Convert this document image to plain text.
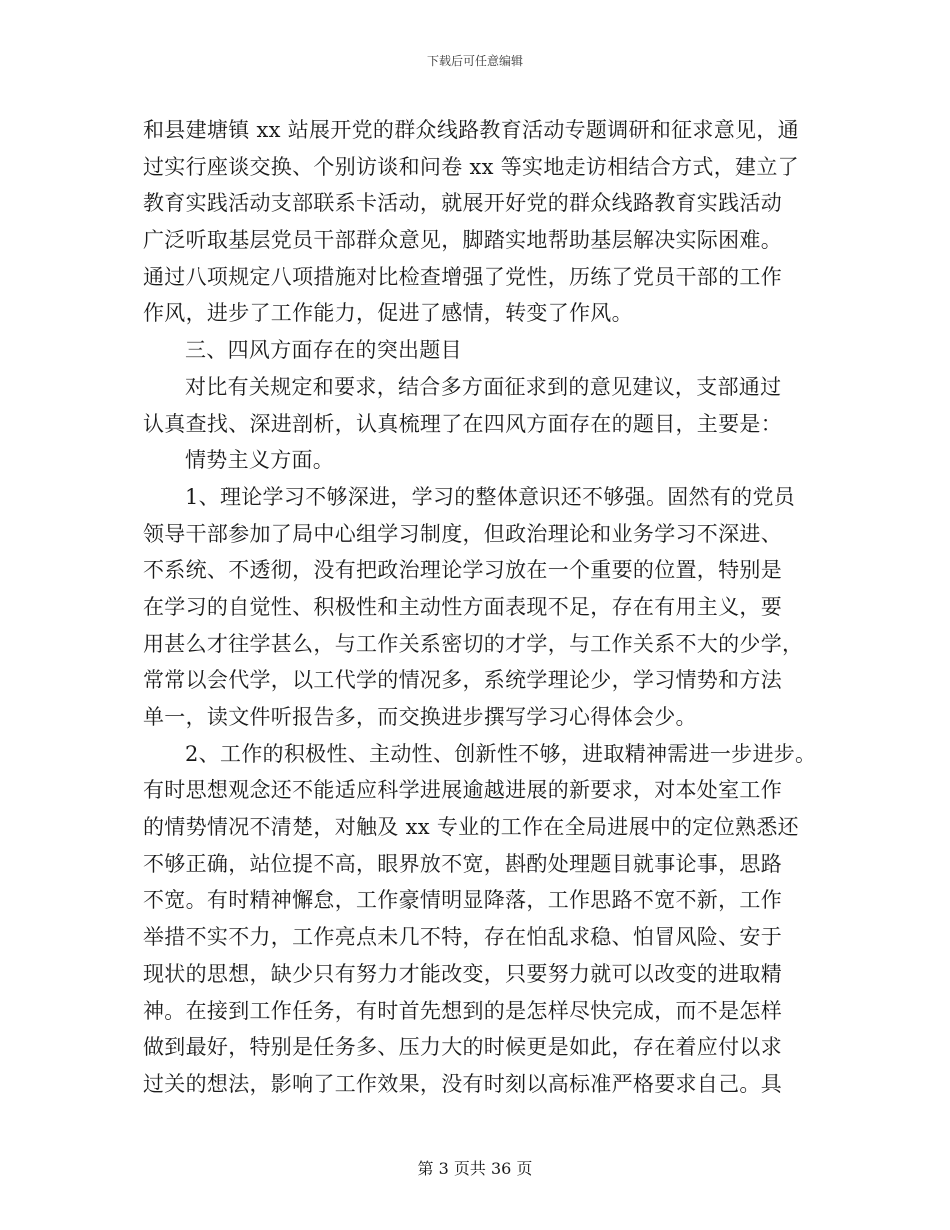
下载后可任意编辑
和县建塘镇 xx 站展开党的群众线路教育活动专题调研和征求意见，通
过实行座谈交换、个别访谈和问卷 xx 等实地走访相结合方式，建立了
教育实践活动支部联系卡活动，就展开好党的群众线路教育实践活动
广泛听取基层党员干部群众意见，脚踏实地帮助基层解决实际困难。
通过八项规定八项措施对比检查增强了党性，历练了党员干部的工作
作风，进步了工作能力，促进了感情，转变了作风。
三、四风方面存在的突出题目
对比有关规定和要求，结合多方面征求到的意见建议，支部通过
认真查找、深进剖析，认真梳理了在四风方面存在的题目，主要是：
情势主义方面。
1、理论学习不够深进，学习的整体意识还不够强。固然有的党员
领导干部参加了局中心组学习制度，但政治理论和业务学习不深进、
不系统、不透彻，没有把政治理论学习放在一个重要的位置，特别是
在学习的自觉性、积极性和主动性方面表现不足，存在有用主义，要
用甚么才往学甚么，与工作关系密切的才学，与工作关系不大的少学，
常常以会代学，以工代学的情况多，系统学理论少，学习情势和方法
单一，读文件听报告多，而交换进步撰写学习心得体会少。
2、工作的积极性、主动性、创新性不够，进取精神需进一步进步。
有时思想观念还不能适应科学进展逾越进展的新要求，对本处室工作
的情势情况不清楚，对触及 xx 专业的工作在全局进展中的定位熟悉还
不够正确，站位提不高，眼界放不宽，斟酌处理题目就事论事，思路
不宽。有时精神懈怠，工作豪情明显降落，工作思路不宽不新，工作
举措不实不力，工作亮点未几不特，存在怕乱求稳、怕冒风险、安于
现状的思想，缺少只有努力才能改变，只要努力就可以改变的进取精
神。在接到工作任务，有时首先想到的是怎样尽快完成，而不是怎样
做到最好，特别是任务多、压力大的时候更是如此，存在着应付以求
过关的想法，影响了工作效果，没有时刻以高标准严格要求自己。具
第 3 页共 36 页
